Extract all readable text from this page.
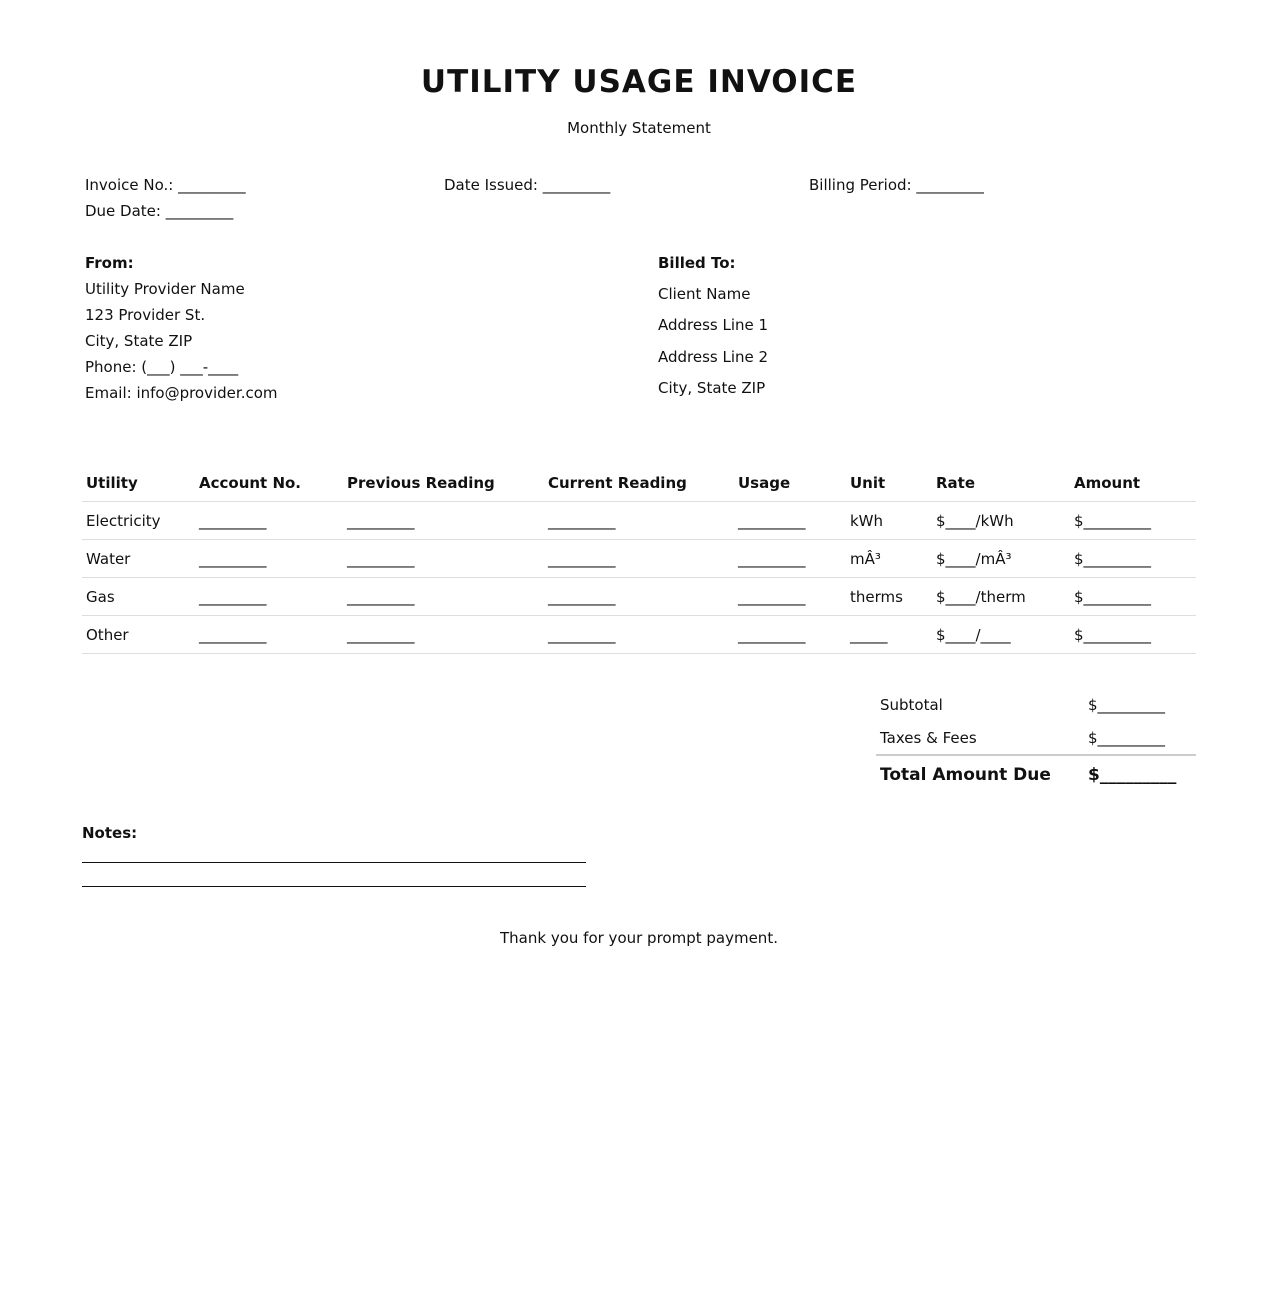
UTILITY USAGE INVOICE
Monthly Statement
Invoice No.: _________	Date Issued: _________	Billing Period: _________
Due Date: _________
From:
Utility Provider Name
123 Provider St.
City, State ZIP
Phone: (___) ___-____
Email: info@provider.com
Billed To:
Client Name
Address Line 1
Address Line 2
City, State ZIP
Utility	Account No.	Previous Reading	Current Reading	Usage	Unit	Rate	Amount
Electricity	_________	_________	_________	_________	kWh	$____/kWh	$_________
Water	_________	_________	_________	_________	mÂ³	$____/mÂ³	$_________
Gas	_________	_________	_________	_________	therms	$____/therm	$_________
Other	_________	_________	_________	_________	_____	$____/____	$_________
Subtotal	$_________
Taxes & Fees	$_________
Total Amount Due	$_________
Notes:
Thank you for your prompt payment.
